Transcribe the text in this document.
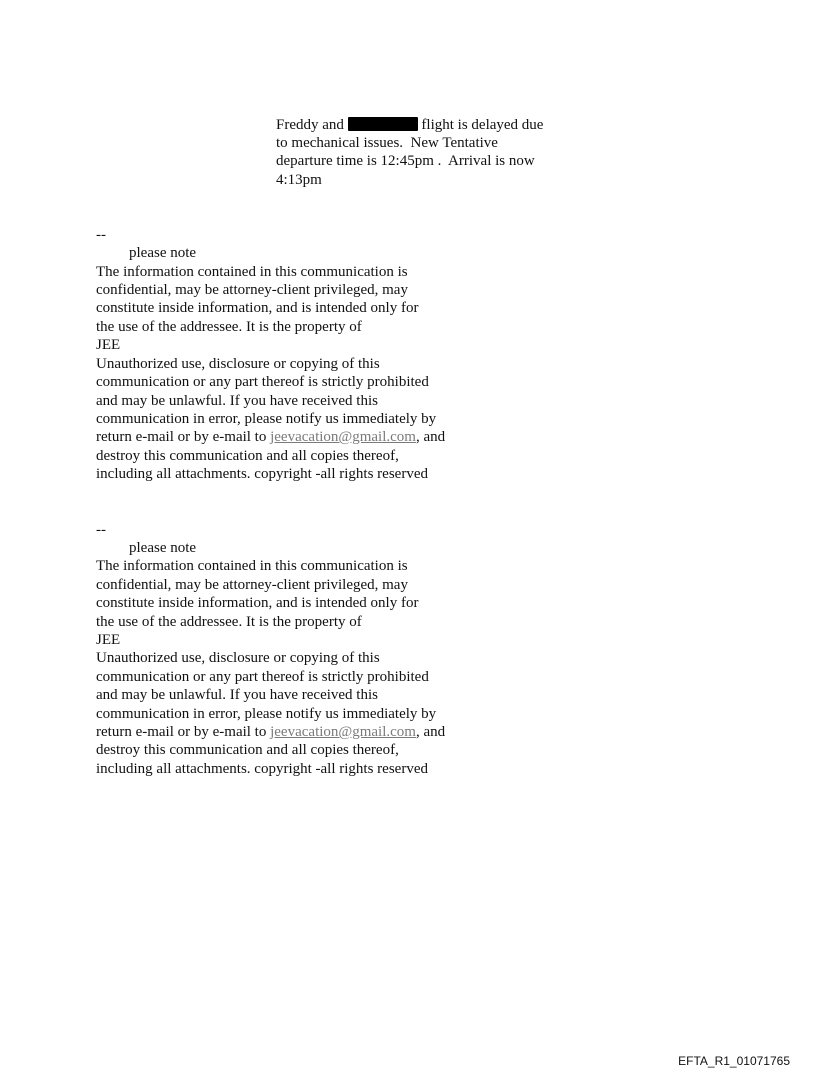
Freddy and	flight is delayed due

to mechanical issues.  New Tentative

departure time is 12:45pm .  Arrival is now

4:13pm

--

please note

The information contained in this communication is

confidential, may be attorney-client privileged, may

constitute inside information, and is intended only for

the use of the addressee. It is the property of

JEE

Unauthorized use, disclosure or copying of this

communication or any part thereof is strictly prohibited

and may be unlawful. If you have received this

communication in error, please notify us immediately by

return e-mail or by e-mail to jeevacation@gmail.com, and

destroy this communication and all copies thereof,

including all attachments. copyright -all rights reserved

--

please note

The information contained in this communication is

confidential, may be attorney-client privileged, may

constitute inside information, and is intended only for

the use of the addressee. It is the property of

JEE

Unauthorized use, disclosure or copying of this

communication or any part thereof is strictly prohibited

and may be unlawful. If you have received this

communication in error, please notify us immediately by

return e-mail or by e-mail to jeevacation@gmail.com, and

destroy this communication and all copies thereof,

including all attachments. copyright -all rights reserved

EFTA_R1_01071765
